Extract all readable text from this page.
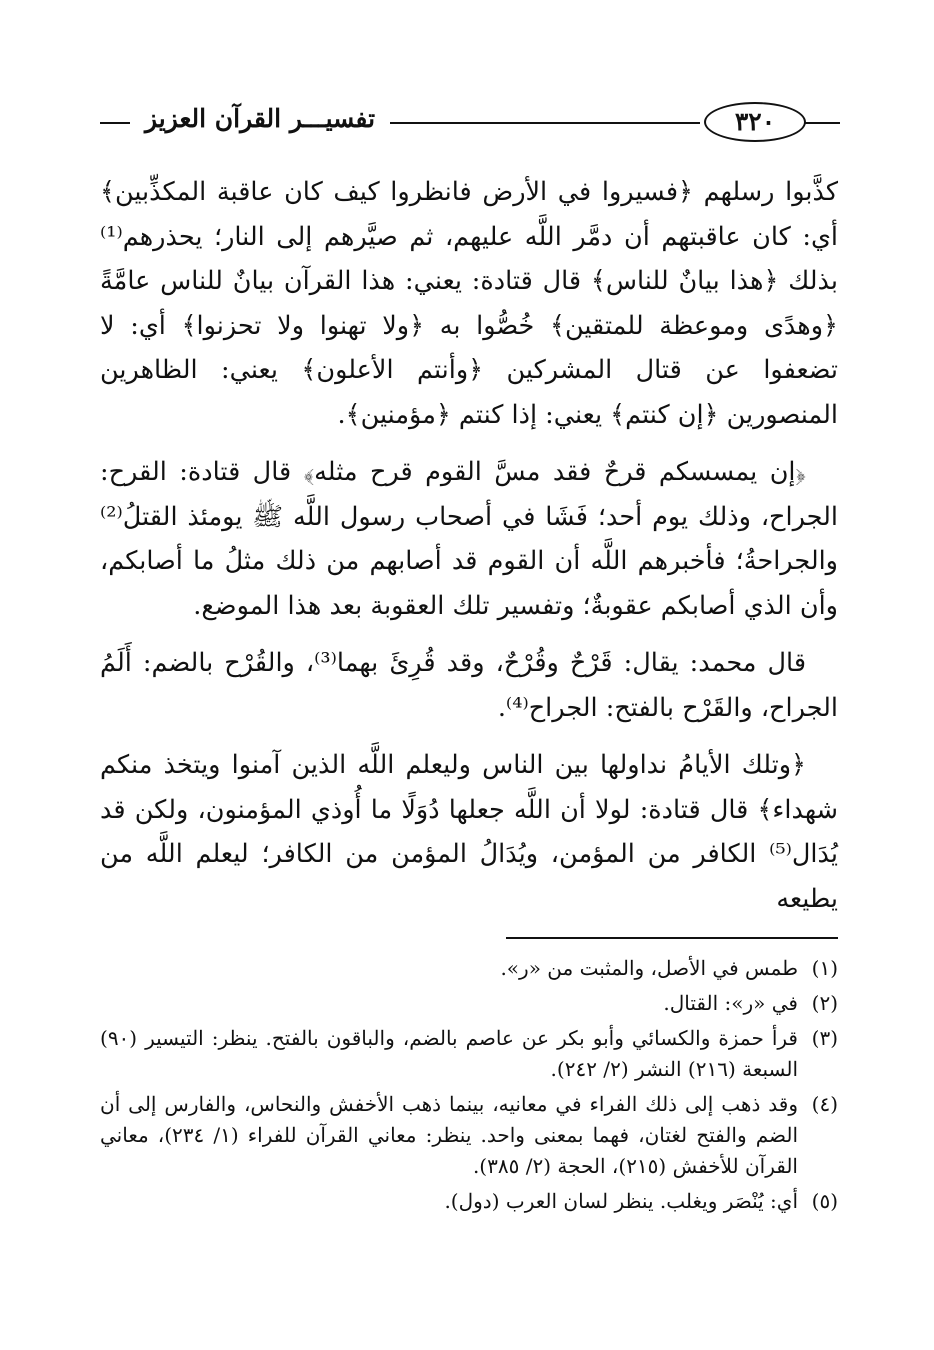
تفسيـــر القرآن العزيز	٣٢٠

كذَّبوا رسلهم ﴿فسيروا في الأرض فانظروا كيف كان عاقبة المكذِّبين﴾ أي: كان عاقبتهم أن دمَّر اللَّه عليهم، ثم صيَّرهم إلى النار؛ يحذرهم⁽¹⁾ بذلك ﴿هذا بيانٌ للناس﴾ قال قتادة: يعني: هذا القرآن بيانٌ للناس عامَّةً ﴿وهدًى وموعظة للمتقين﴾ خُصُّوا به ﴿ولا تهنوا ولا تحزنوا﴾ أي: لا تضعفوا عن قتال المشركين ﴿وأنتم الأعلون﴾ يعني: الظاهرين المنصورين ﴿إن كنتم﴾ يعني: إذا كنتم ﴿مؤمنين﴾.

﴿إن يمسسكم قرحٌ فقد مسَّ القوم قرح مثله﴾ قال قتادة: القرح: الجراح، وذلك يوم أحد؛ فَشَا في أصحاب رسول اللَّه ﷺ يومئذ القتلُ⁽²⁾ والجراحةُ؛ فأخبرهم اللَّه أن القوم قد أصابهم من ذلك مثلُ ما أصابكم، وأن الذي أصابكم عقوبةٌ؛ وتفسير تلك العقوبة بعد هذا الموضع.

قال محمد: يقال: قَرْحٌ وقُرْحٌ، وقد قُرِئَ بهما⁽³⁾، والقُرْح بالضم: أَلَمُ الجراح، والقَرْح بالفتح: الجراح⁽⁴⁾.

﴿وتلك الأيامُ نداولها بين الناس وليعلم اللَّه الذين آمنوا ويتخذ منكم شهداء﴾ قال قتادة: لولا أن اللَّه جعلها دُوَلًا ما أُوذي المؤمنون، ولكن قد يُدَال⁽⁵⁾ الكافر من المؤمن، ويُدَالُ المؤمن من الكافر؛ ليعلم اللَّه من يطيعه

(١)
طمس في الأصل، والمثبت من «ر».
(٢)
في «ر»: القتال.
(٣)
قرأ حمزة والكسائي وأبو بكر عن عاصم بالضم، والباقون بالفتح. ينظر: التيسير (٩٠) السبعة (٢١٦) النشر (٢/ ٢٤٢).
(٤)
وقد ذهب إلى ذلك الفراء في معانيه، بينما ذهب الأخفش والنحاس، والفارس إلى أن الضم والفتح لغتان، فهما بمعنى واحد. ينظر: معاني القرآن للفراء (١/ ٢٣٤)، معاني القرآن للأخفش (٢١٥)، الحجة (٢/ ٣٨٥).
(٥)
أي: يُنْصَر ويغلب. ينظر لسان العرب (دول).
